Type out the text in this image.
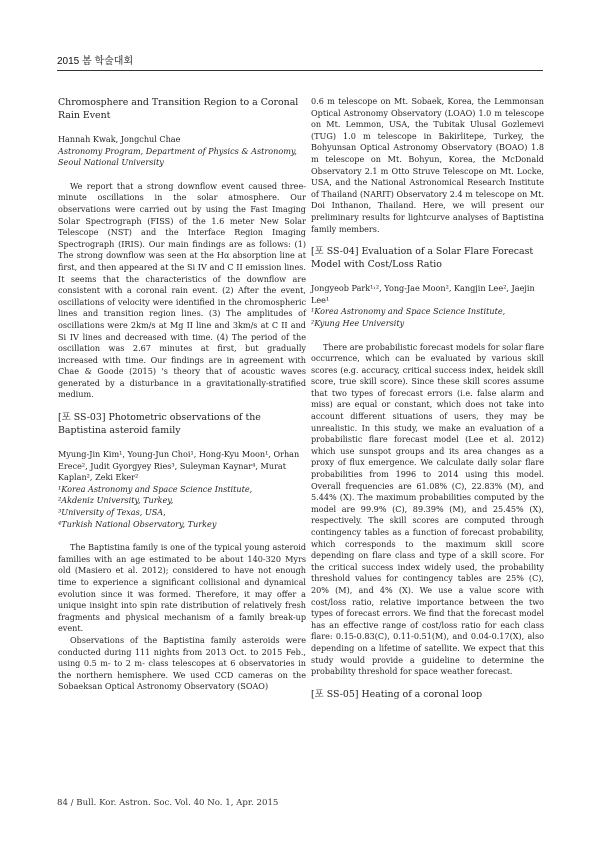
2015 봄 학술대회
Chromosphere and Transition Region to a Coronal Rain Event

Hannah Kwak, Jongchul Chae

Astronomy Program, Department of Physics & Astronomy, Seoul National University

We report that a strong downflow event caused three-minute oscillations in the solar atmosphere. Our observations were carried out by using the Fast Imaging Solar Spectrograph (FISS) of the 1.6 meter New Solar Telescope (NST) and the Interface Region Imaging Spectrograph (IRIS). Our main findings are as follows: (1) The strong downflow was seen at the Hα absorption line at first, and then appeared at the Si IV and C II emission lines. It seems that the characteristics of the downflow are consistent with a coronal rain event. (2) After the event, oscillations of velocity were identified in the chromospheric lines and transition region lines. (3) The amplitudes of oscillations were 2km/s at Mg II line and 3km/s at C II and Si IV lines and decreased with time. (4) The period of the oscillation was 2.67 minutes at first, but gradually increased with time. Our findings are in agreement with Chae & Goode (2015) 's theory that of acoustic waves generated by a disturbance in a gravitationally-stratified medium.

[포 SS-03] Photometric observations of the Baptistina asteroid family

Myung-Jin Kim¹, Young-Jun Choi¹, Hong-Kyu Moon¹, Orhan Erece², Judit Gyorgyey Ries³, Suleyman Kaynar⁴, Murat Kaplan², Zeki Eker²

¹Korea Astronomy and Space Science Institute,

²Akdeniz University, Turkey,

³University of Texas, USA,

⁴Turkish National Observatory, Turkey

The Baptistina family is one of the typical young asteroid families with an age estimated to be about 140-320 Myrs old (Masiero et al. 2012); considered to have not enough time to experience a significant collisional and dynamical evolution since it was formed. Therefore, it may offer a unique insight into spin rate distribution of relatively fresh fragments and physical mechanism of a family break-up event.

Observations of the Baptistina family asteroids were conducted during 111 nights from 2013 Oct. to 2015 Feb., using 0.5 m- to 2 m- class telescopes at 6 observatories in the northern hemisphere. We used CCD cameras on the Sobaeksan Optical Astronomy Observatory (SOAO)

0.6 m telescope on Mt. Sobaek, Korea, the Lemmonsan Optical Astronomy Observatory (LOAO) 1.0 m telescope on Mt. Lemmon, USA, the Tubitak Ulusal Gozlemevi (TUG) 1.0 m telescope in Bakirlitepe, Turkey, the Bohyunsan Optical Astronomy Observatory (BOAO) 1.8 m telescope on Mt. Bohyun, Korea, the McDonald Observatory 2.1 m Otto Struve Telescope on Mt. Locke, USA, and the National Astronomical Research Institute of Thailand (NARIT) Observatory 2.4 m telescope on Mt. Doi Inthanon, Thailand. Here, we will present our preliminary results for lightcurve analyses of Baptistina family members.

[포 SS-04] Evaluation of a Solar Flare Forecast Model with Cost/Loss Ratio

Jongyeob Park¹˒², Yong-Jae Moon², Kangjin Lee², Jaejin Lee¹

¹Korea Astronomy and Space Science Institute,

²Kyung Hee University

There are probabilistic forecast models for solar flare occurrence, which can be evaluated by various skill scores (e.g. accuracy, critical success index, heidek skill score, true skill score). Since these skill scores assume that two types of forecast errors (i.e. false alarm and miss) are equal or constant, which does not take into account different situations of users, they may be unrealistic. In this study, we make an evaluation of a probabilistic flare forecast model (Lee et al. 2012) which use sunspot groups and its area changes as a proxy of flux emergence. We calculate daily solar flare probabilities from 1996 to 2014 using this model. Overall frequencies are 61.08% (C), 22.83% (M), and 5.44% (X). The maximum probabilities computed by the model are 99.9% (C), 89.39% (M), and 25.45% (X), respectively. The skill scores are computed through contingency tables as a function of forecast probability, which corresponds to the maximum skill score depending on flare class and type of a skill score. For the critical success index widely used, the probability threshold values for contingency tables are 25% (C), 20% (M), and 4% (X). We use a value score with cost/loss ratio, relative importance between the two types of forecast errors. We find that the forecast model has an effective range of cost/loss ratio for each class flare: 0.15-0.83(C), 0.11-0.51(M), and 0.04-0.17(X), also depending on a lifetime of satellite. We expect that this study would provide a guideline to determine the probability threshold for space weather forecast.

[포 SS-05] Heating of a coronal loop
84 / Bull. Kor. Astron. Soc. Vol. 40 No. 1, Apr. 2015
